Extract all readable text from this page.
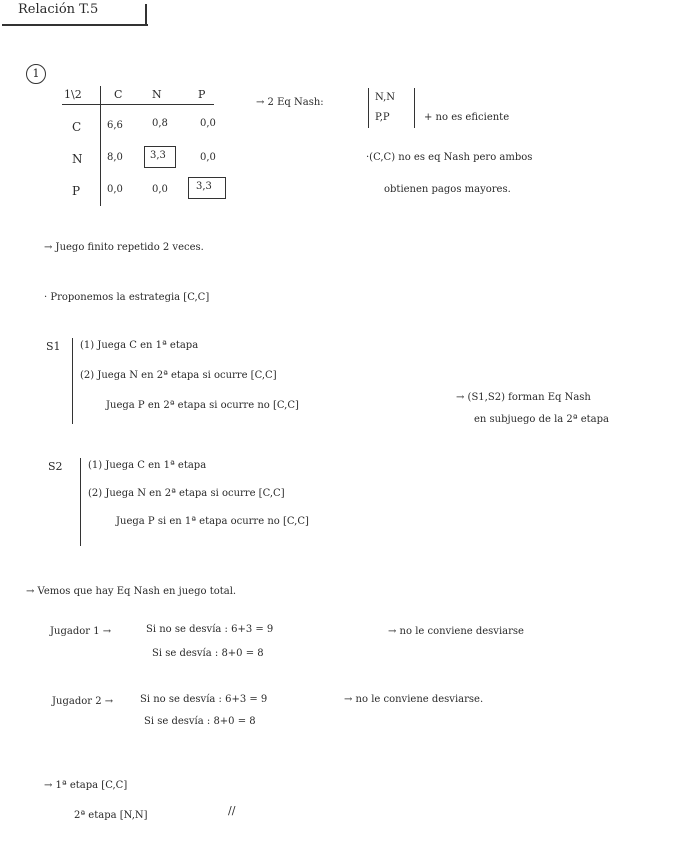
Relación T.5
1
1\2	C	N	P
C	6,6	0,8	0,0
N 8,0	3,3	0,0
P	0,0	0,0	3,3
→ 2 Eq Nash:	N,N
P,P	+ no es eficiente
·(C,C) no es eq Nash pero ambos
obtienen pagos mayores.
→ Juego finito repetido 2 veces.
· Proponemos la estrategia [C,C]
S1 (1) Juega C en 1ª etapa
(2) Juega N en 2ª etapa si ocurre [C,C]
Juega P en 2ª etapa si ocurre no [C,C]
→ (S1,S2) forman Eq Nash
en subjuego de la 2ª etapa
S2	(1) Juega C en 1ª etapa
(2) Juega N en 2ª etapa si ocurre [C,C]
Juega P si en 1ª etapa ocurre no [C,C]
→ Vemos que hay Eq Nash en juego total.
Jugador 1 →	Si no se desvía : 6+3 = 9
Si se desvía : 8+0 = 8
→ no le conviene desviarse
Jugador 2 →	Si no se desvía : 6+3 = 9
Si se desvía : 8+0 = 8
→ no le conviene desviarse.
→ 1ª etapa [C,C]
2ª etapa [N,N]	//
